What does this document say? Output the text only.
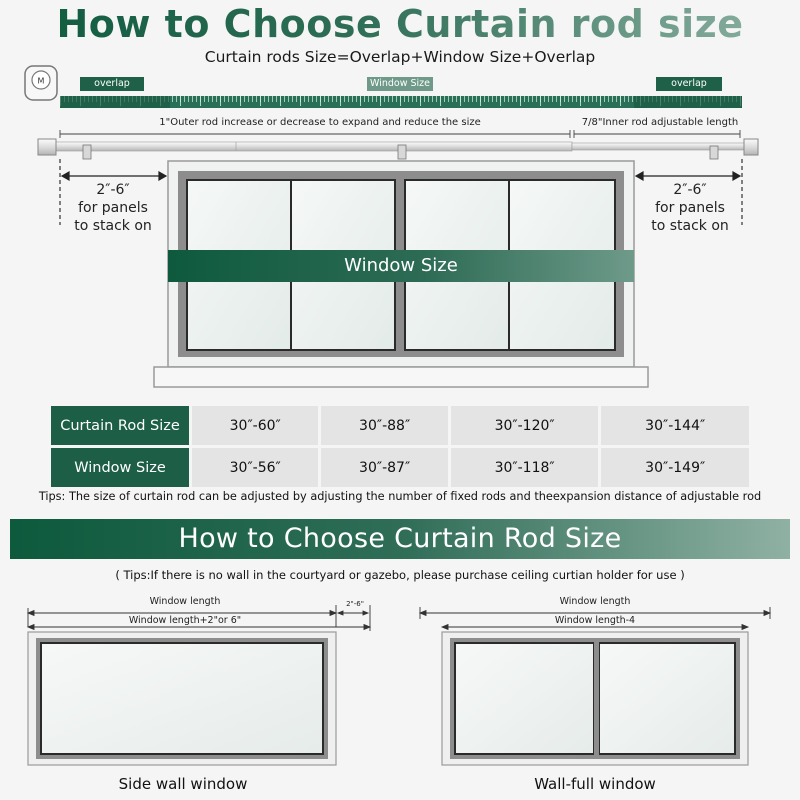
How to Choose Curtain rod size
Curtain rods Size=Overlap+Window Size+Overlap
M	overlap	Window Size	overlap
1"Outer rod increase or decrease to expand and reduce the size	7/8"Inner rod adjustable length
2″-6″
for panels
to stack on
2″-6″
for panels
to stack on
Window Size
Curtain Rod Size	30″-60″	30″-88″	30″-120″	30″-144″
Window Size	30″-56″	30″-87″	30″-118″	30″-149″
Tips: The size of curtain rod can be adjusted by adjusting the number of fixed rods and theexpansion distance of adjustable rod
How to Choose Curtain Rod Size
( Tips:If there is no wall in the courtyard or gazebo, please purchase ceiling curtian holder for use )
Window length	2"-6"
Window length+2"or 6"
Side wall window
Window length
Window length-4
Wall-full window
